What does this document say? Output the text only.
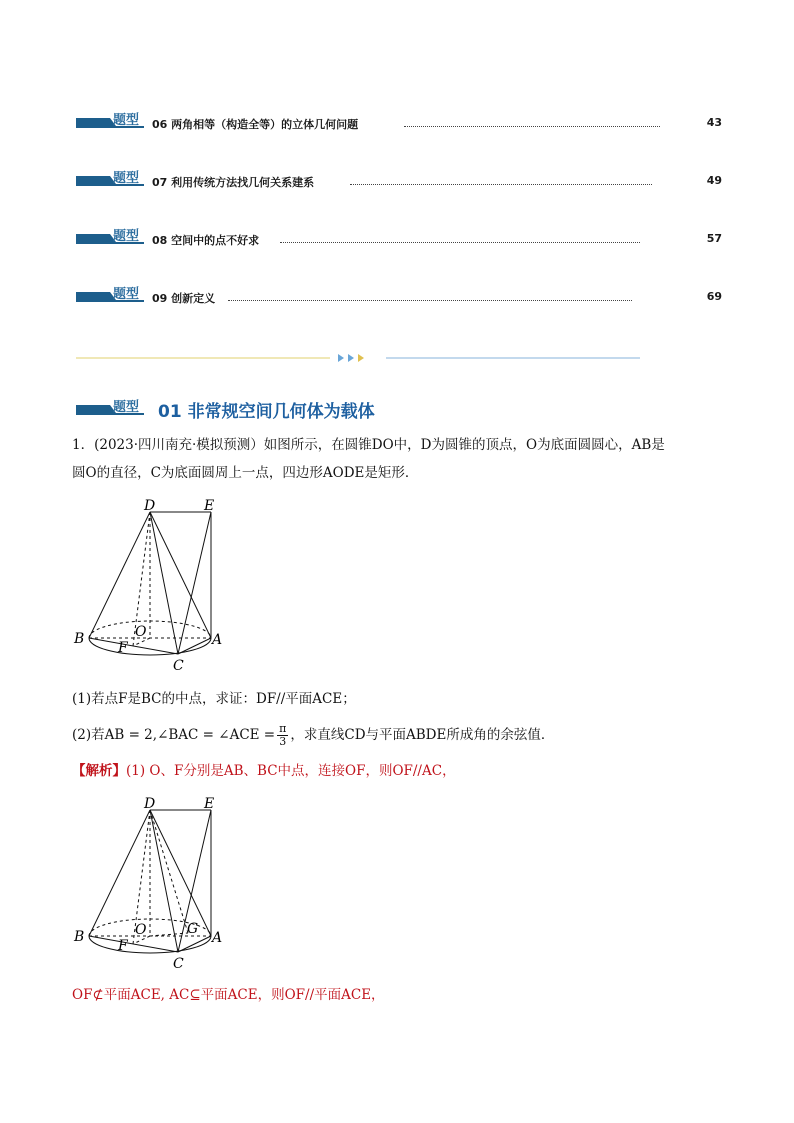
题型 06 两角相等（构造全等）的立体几何问题	43
题型 07 利用传统方法找几何关系建系	49
题型 08 空间中的点不好求	57
题型 09 创新定义	69
题型 01 非常规空间几何体为载体
1．(2023·四川南充·模拟预测）如图所示，在圆锥DO中，D为圆锥的顶点，O为底面圆圆心，AB是
圆O的直径，C为底面圆周上一点，四边形AODE是矩形．
D	E
B	A
O
F
C
(1)若点F是BC的中点，求证：DF//平面ACE；
(2)若AB = 2,∠BAC = ∠ACE = $\frac{\pi}{3}$ ，求直线CD与平面ABDE所成角的余弦值．
【解析】(1) O、F分别是AB、BC中点，连接OF，则OF//AC，
D	E
B	A
O
F
C
G
OF⊄平面ACE, AC⊆平面ACE，则OF//平面ACE，
